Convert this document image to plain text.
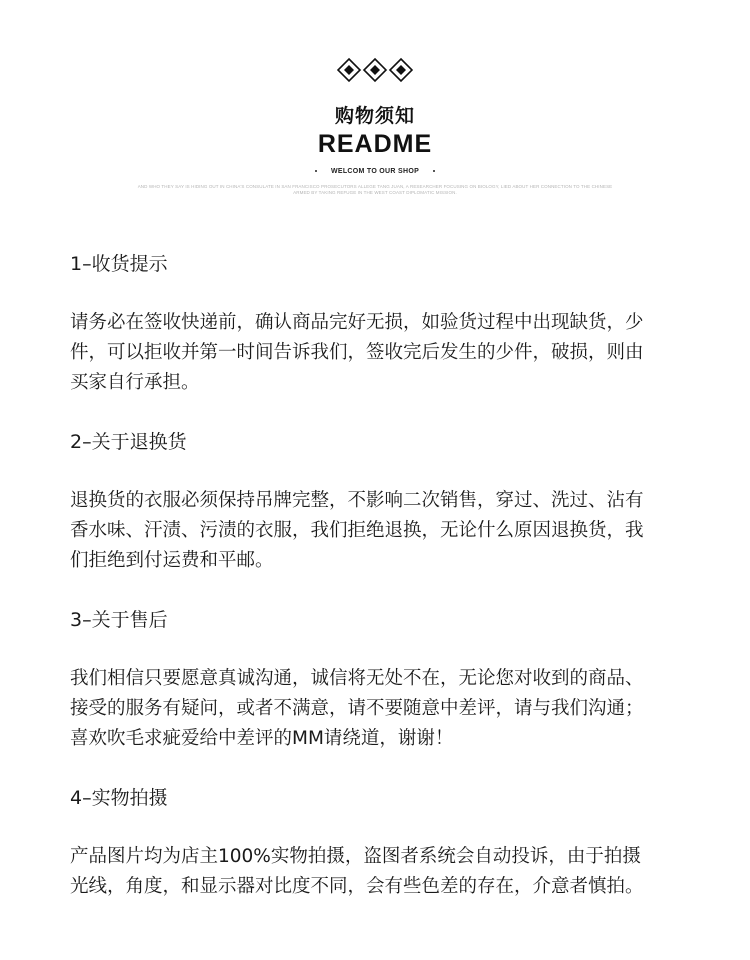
购物须知
README
WELCOM TO OUR SHOP
AND WHO THEY SAY IS HIDING OUT IN CHINA'S CONSULATE IN SAN FRANCISCO PROSECUTORS ALLEGE TANG JUAN, A RESEARCHER FOCUSING ON BIOLOGY, LIED ABOUT HER CONNECTION TO THE CHINESE
ARMED BY TAKING REFUGE IN THE WEST COAST DIPLOMATIC MISSION.
1–收货提示
请务必在签收快递前，确认商品完好无损，如验货过程中出现缺货，少
件，可以拒收并第一时间告诉我们，签收完后发生的少件，破损，则由
买家自行承担。
2–关于退换货
退换货的衣服必须保持吊牌完整，不影响二次销售，穿过、洗过、沾有
香水味、汗渍、污渍的衣服，我们拒绝退换，无论什么原因退换货，我
们拒绝到付运费和平邮。
3–关于售后
我们相信只要愿意真诚沟通，诚信将无处不在，无论您对收到的商品、
接受的服务有疑问，或者不满意，请不要随意中差评，请与我们沟通；
喜欢吹毛求疵爱给中差评的MM请绕道，谢谢！
4–实物拍摄
产品图片均为店主100%实物拍摄，盗图者系统会自动投诉，由于拍摄
光线，角度，和显示器对比度不同，会有些色差的存在，介意者慎拍。
